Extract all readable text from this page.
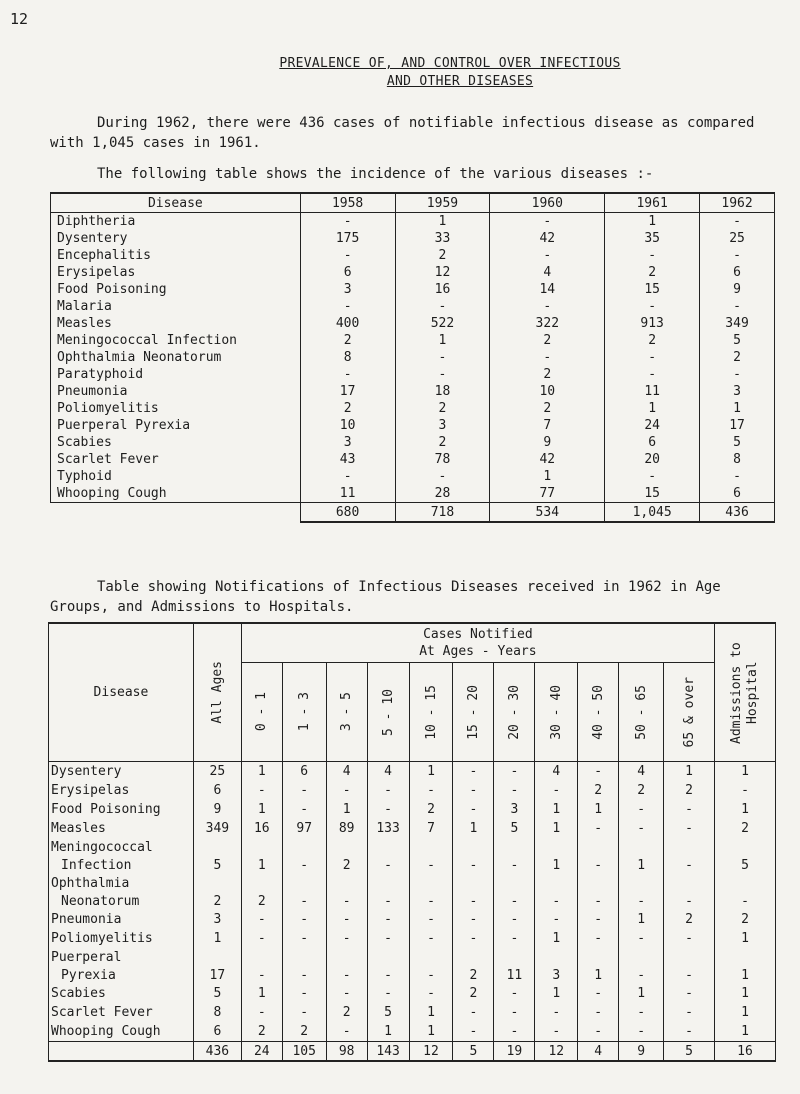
12
PREVALENCE OF, AND CONTROL OVER INFECTIOUS
AND OTHER DISEASES
During 1962, there were 436 cases of notifiable infectious disease as compared with 1,045 cases in 1961.
The following table shows the incidence of the various diseases :-
Disease	1958	1959	1960	1961	1962
Diphtheria	-	1	-	1	-
Dysentery	175	33	42	35	25
Encephalitis	-	2	-	-	-
Erysipelas	6	12	4	2	6
Food Poisoning	3	16	14	15	9
Malaria	-	-	-	-	-
Measles	400	522	322	913	349
Meningococcal Infection	2	1	2	2	5
Ophthalmia Neonatorum	8	-	-	-	2
Paratyphoid	-	-	2	-	-
Pneumonia	17	18	10	11	3
Poliomyelitis	2	2	2	1	1
Puerperal Pyrexia	10	3	7	24	17
Scabies	3	2	9	6	5
Scarlet Fever	43	78	42	20	8
Typhoid	-	-	1	-	-
Whooping Cough	11	28	77	15	6
	680	718	534	1,045	436
Table showing Notifications of Infectious Diseases received in 1962 in Age Groups, and Admissions to Hospitals.
Disease	All Ages	Cases Notified
At Ages - Years											Admissions to Hospital

		0 - 1	1 - 3	3 - 5	5 - 10	10 - 15	15 - 20	20 - 30	30 - 40	40 - 50	50 - 65	65 & over	

Dysentery	25	1	6	4	4	1	-	-	4	-	4	1	1
Erysipelas	6	-	-	-	-	-	-	-	-	2	2	2	-
Food Poisoning	9	1	-	1	-	2	-	3	1	1	-	-	1
Measles	349	16	97	89	133	7	1	5	1	-	-	-	2
Meningococcal													
Infection	5	1	-	2	-	-	-	-	1	-	1	-	5
Ophthalmia													
Neonatorum	2	2	-	-	-	-	-	-	-	-	-	-	-
Pneumonia	3	-	-	-	-	-	-	-	-	-	1	2	2
Poliomyelitis	1	-	-	-	-	-	-	-	1	-	-	-	1
Puerperal													
Pyrexia	17	-	-	-	-	-	2	11	3	1	-	-	1
Scabies	5	1	-	-	-	-	2	-	1	-	1	-	1
Scarlet Fever	8	-	-	2	5	1	-	-	-	-	-	-	1
Whooping Cough	6	2	2	-	1	1	-	-	-	-	-	-	1
	436	24	105	98	143	12	5	19	12	4	9	5	16
